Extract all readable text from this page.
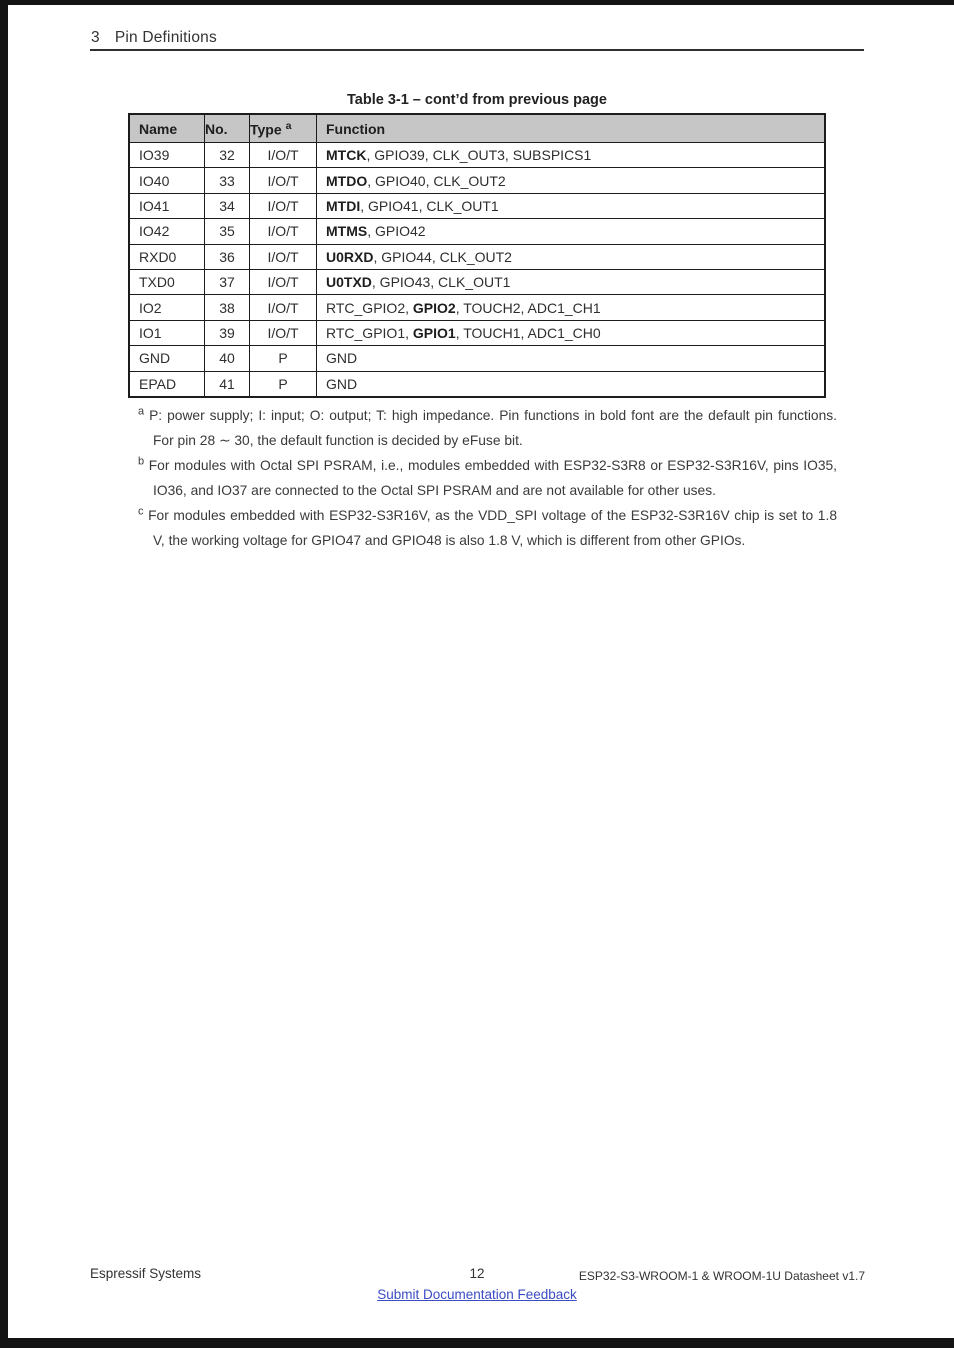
3 Pin Definitions
Table 3-1 – cont’d from previous page
Name	No.	Type $^a$	Function
IO39	32	I/O/T	MTCK, GPIO39, CLK_OUT3, SUBSPICS1
IO40	33	I/O/T	MTDO, GPIO40, CLK_OUT2
IO41	34	I/O/T	MTDI, GPIO41, CLK_OUT1
IO42	35	I/O/T	MTMS, GPIO42
RXD0	36	I/O/T	U0RXD, GPIO44, CLK_OUT2
TXD0	37	I/O/T	U0TXD, GPIO43, CLK_OUT1
IO2	38	I/O/T	RTC_GPIO2, GPIO2, TOUCH2, ADC1_CH1
IO1	39	I/O/T	RTC_GPIO1, GPIO1, TOUCH1, ADC1_CH0
GND	40	P	GND
EPAD	41	P	GND

$^a$ P: power supply; I: input; O: output; T: high impedance. Pin functions in bold font are the default pin functions. For pin 28 ∼ 30, the default function is decided by eFuse bit.

$^b$ For modules with Octal SPI PSRAM, i.e., modules embedded with ESP32-S3R8 or ESP32-S3R16V, pins IO35, IO36, and IO37 are connected to the Octal SPI PSRAM and are not available for other uses.

$^c$ For modules embedded with ESP32-S3R16V, as the VDD_SPI voltage of the ESP32-S3R16V chip is set to 1.8 V, the working voltage for GPIO47 and GPIO48 is also 1.8 V, which is different from other GPIOs.

Espressif Systems	12	ESP32-S3-WROOM-1 & WROOM-1U Datasheet v1.7
Submit Documentation Feedback
